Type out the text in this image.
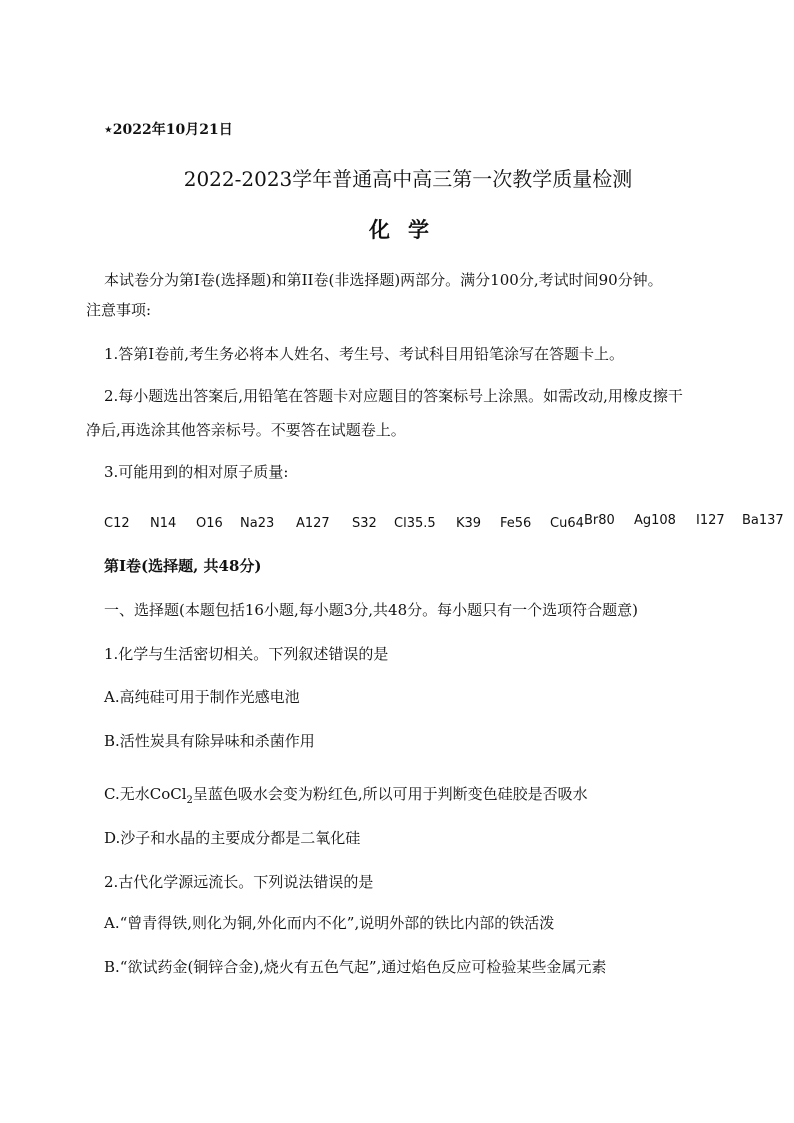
⋆2022年10月21日
2022-2023学年普通高中高三第一次教学质量检测
化学
本试卷分为第Ⅰ卷(选择题)和第II卷(非选择题)两部分。满分100分,考试时间90分钟。
注意事项:
1.答第Ⅰ卷前,考生务必将本人姓名、考生号、考试科目用铅笔涂写在答题卡上。
2.每小题选出答案后,用铅笔在答题卡对应题目的答案标号上涂黑。如需改动,用橡皮擦干
净后,再选涂其他答亲标号。不要答在试题卷上。
3.可能用到的相对原子质量:
C12 N14 O16 Na23 A127 S32 Cl35.5 K39 Fe56 Cu64 Br80 Ag108 I127 Ba137
第Ⅰ卷(选择题, 共48分)
一、选择题(本题包括16小题,每小题3分,共48分。每小题只有一个选项符合题意)
1.化学与生活密切相关。下列叙述错误的是
A.高纯硅可用于制作光感电池
B.活性炭具有除异味和杀菌作用
C.无水CoCl$_2$呈蓝色吸水会变为粉红色,所以可用于判断变色硅胶是否吸水
D.沙子和水晶的主要成分都是二氧化硅
2.古代化学源远流长。下列说法错误的是
A.“曾青得铁,则化为铜,外化而内不化”,说明外部的铁比内部的铁活泼
B.“欲试药金(铜锌合金),烧火有五色气起”,通过焰色反应可检验某些金属元素
